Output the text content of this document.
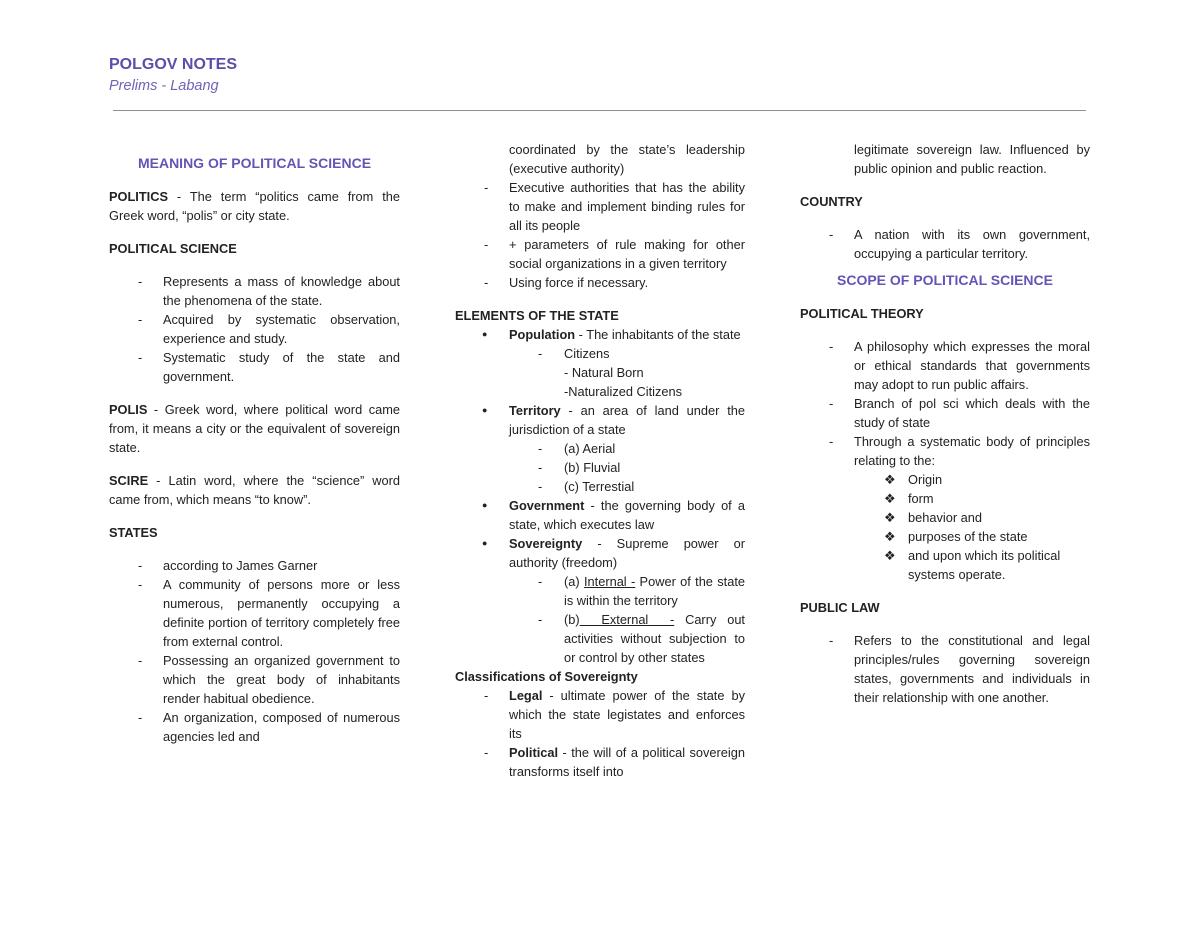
POLGOV NOTES

Prelims - Labang

MEANING OF POLITICAL SCIENCE

POLITICS - The term “politics came from the Greek word, “polis” or city state.

POLITICAL SCIENCE

- Represents a mass of knowledge about the phenomena of the state.
- Acquired by systematic observation, experience and study.
- Systematic study of the state and government.

POLIS - Greek word, where political word came from, it means a city or the equivalent of sovereign state.

SCIRE - Latin word, where the “science” word came from, which means “to know”.

STATES

- according to James Garner
- A community of persons more or less numerous, permanently occupying a definite portion of territory completely free from external control.
- Possessing an organized government to which the great body of inhabitants render habitual obedience.
- An organization, composed of numerous agencies led and

coordinated by the state’s leadership (executive authority)

- Executive authorities that has the ability to make and implement binding rules for all its people
- + parameters of rule making for other social organizations in a given territory
- Using force if necessary.

ELEMENTS OF THE STATE

● Population - The inhabitants of the state
- Citizens
- Natural Born
-Naturalized Citizens
● Territory - an area of land under the jurisdiction of a state
- (a) Aerial
- (b) Fluvial
- (c) Terrestial
● Government - the governing body of a state, which executes law
● Sovereignty - Supreme power or authority (freedom)
- (a) Internal - Power of the state is within the territory
- (b)  External  - Carry out activities without subjection to or control by other states

Classifications of Sovereignty

- Legal - ultimate power of the state by which the state legistates and enforces its
- Political - the will of a political sovereign transforms itself into

legitimate sovereign law. Influenced by public opinion and public reaction.

COUNTRY

- A nation with its own government, occupying a particular territory.

SCOPE OF POLITICAL SCIENCE

POLITICAL THEORY

- A philosophy which expresses the moral or ethical standards that governments may adopt to run public affairs.
- Branch of pol sci which deals with the study of state
- Through a systematic body of principles relating to the:
❖ Origin
❖ form
❖ behavior and
❖ purposes of the state
❖ and upon which its political systems operate.

PUBLIC LAW

- Refers to the constitutional and legal principles/rules governing sovereign states, governments and individuals in their relationship with one another.
